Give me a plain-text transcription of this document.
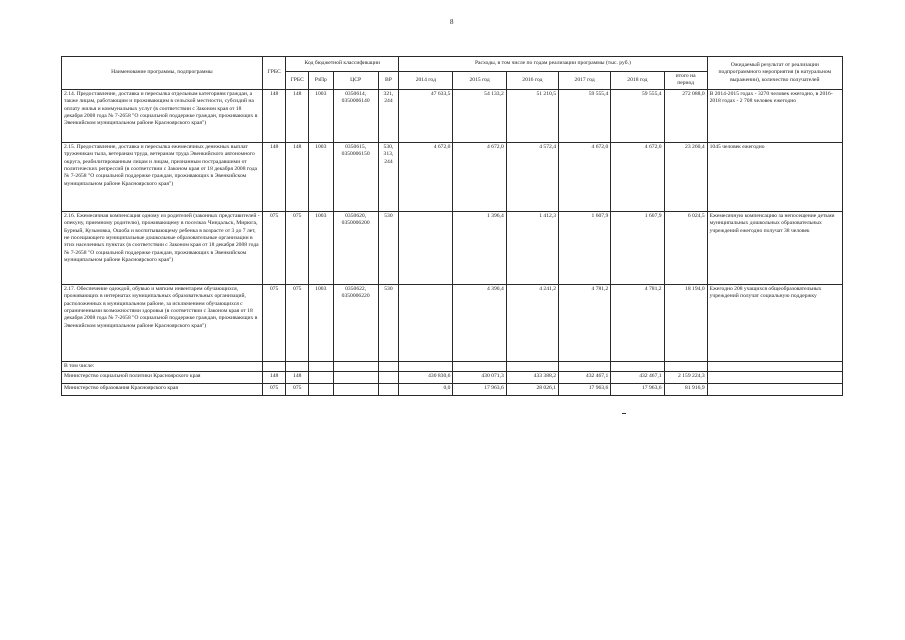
8
Наименование программы, подпрограммы	ГРБС	Код бюджетной классификации				Расходы, в том числе по годам реализации программы (тыс. руб.)						Ожидаемый результат от реализации подпрограммного мероприятия (в натуральном выражении), количество получателей
		ГРБС	РзПр	ЦСР	ВР	2014 год	2015 год	2016 год	2017 год	2018 год	итого на период	
2.14. Предоставление, доставка и пересылка отдельным категориям граждан, а также лицам, работающим и проживающим в сельской местности, субсидий на оплату жилья и коммунальных услуг (в соответствии с Законом края от 18 декабря 2008 года № 7-2658 "О социальной поддержке граждан, проживающих в Эвенкийском муниципальном районе Красноярского края")	148	148	1003	0350614, 0350006140	321, 244	47 633,5	54 133,2	51 210,5	59 555,4	59 555,4	272 088,0	В 2014-2015 годах - 3270 человек ежегодно, в 2016-2018 годах - 2 708 человек ежегодно
2.15. Предоставление, доставка и пересылка ежемесячных денежных выплат труженикам тыла, ветеранам труда, ветеранам труда Эвенкийского автономного округа, реабилитированным лицам и лицам, признанным пострадавшими от политических репрессий (в соответствии с Законом края от 18 декабря 2008 года № 7-2658 "О социальной поддержке граждан, проживающих в Эвенкийском муниципальном районе Красноярского края")	148	148	1003	0350615, 0350006150	530, 313, 244	4 672,0	4 672,0	4 572,4	4 672,0	4 672,0	23 260,4	1045 человек ежегодно
2.16. Ежемесячная компенсация одному из родителей (законных представителей - опекуну, приемному родителю), проживающему в поселках Чиндальск, Мирюга, Бурный, Кузьмовка, Ошоба и воспитывающему ребенка в возрасте от 3 до 7 лет, не посещающего муниципальные дошкольные образовательные организации в этих населенных пунктах (в соответствии с Законом края от 18 декабря 2008 года № 7-2658 "О социальной поддержке граждан, проживающих в Эвенкийском муниципальном районе Красноярского края")	075	075	1003	0350620, 0350006200	530		1 396,4	1 412,3	1 607,9	1 607,9	6 024,5	Ежемесячную компенсацию за непосещение детьми муниципальных дошкольных образовательных учреждений ежегодно получат 38 человек
2.17. Обеспечение одеждой, обувью и мягким инвентарем обучающихся, проживающих в интернатах муниципальных образовательных организаций, расположенных в муниципальном районе, за исключением обучающихся с ограниченными возможностями здоровья (в соответствии с Законом края от 18 декабря 2008 года № 7-2658 "О социальной поддержке граждан, проживающих в Эвенкийском муниципальном районе Красноярского края")	075	075	1003	0350622, 0350006220	530		4 390,4	4 241,2	4 781,2	4 781,2	18 194,0	Ежегодно 208 учащихся общеобразовательных учреждений получат социальную поддержку
В том числе:												
Министерство социальной политики Красноярского края	148	148				430 830,6	430 071,3	433 388,2	432 467,1	432 467,1	2 159 224,3	
Министерство образования Красноярского края	075	075				0,0	17 963,6	28 026,1	17 963,6	17 963,6	81 916,9	
